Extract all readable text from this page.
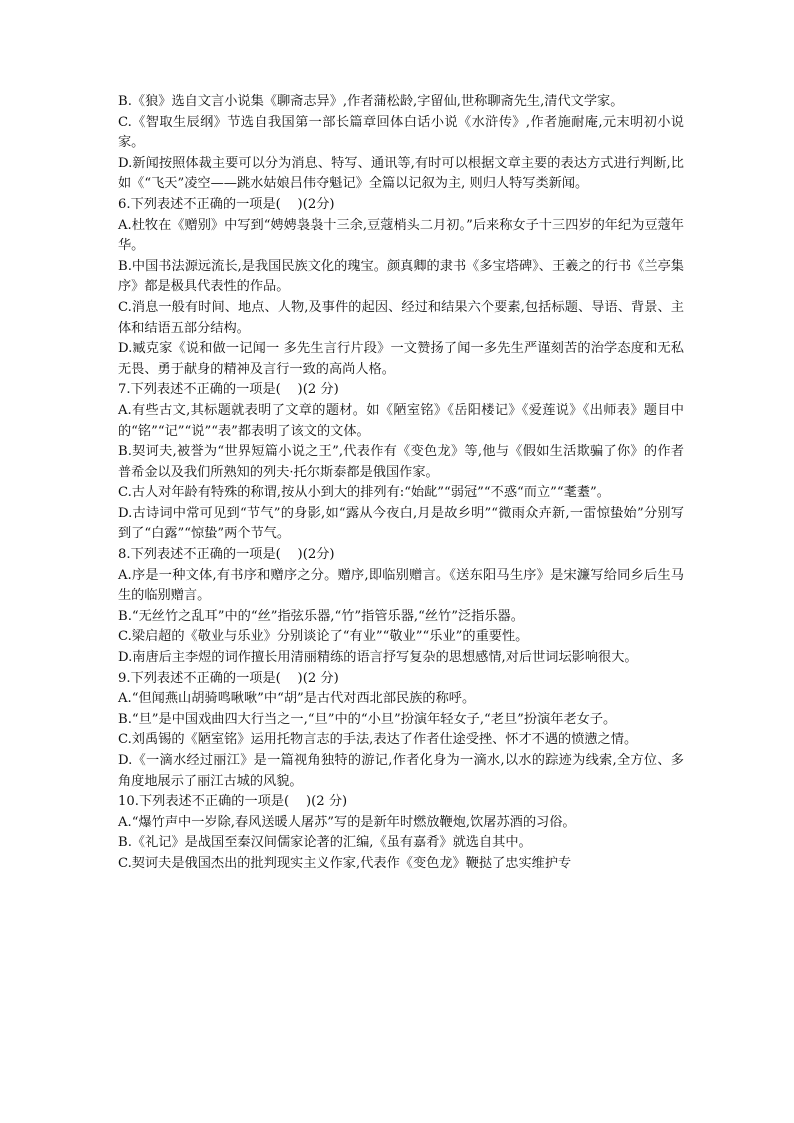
B.《狼》选自文言小说集《聊斋志异》,作者蒲松龄,字留仙,世称聊斋先生,清代文学家。

C.《智取生辰纲》节选自我国第一部长篇章回体白话小说《水浒传》,作者施耐庵,元末明初小说家。

D.新闻按照体裁主要可以分为消息、特写、通讯等,有时可以根据文章主要的表达方式进行判断,比如《“飞天”凌空——跳水姑娘吕伟夺魁记》全篇以记叙为主, 则归人特写类新闻。

6.下列表述不正确的一项是(    )(2分)

A.杜牧在《赠别》中写到“娉娉袅袅十三余,豆蔻梢头二月初。”后来称女子十三四岁的年纪为豆蔻年华。

B.中国书法源远流长,是我国民族文化的瑰宝。颜真卿的隶书《多宝塔碑》、王羲之的行书《兰亭集序》都是极具代表性的作品。

C.消息一般有时间、地点、人物,及事件的起因、经过和结果六个要素,包括标题、导语、背景、主体和结语五部分结构。

D.臧克家《说和做一记闻一 多先生言行片段》一文赞扬了闻一多先生严谨刻苦的治学态度和无私无畏、勇于献身的精神及言行一致的高尚人格。

7.下列表述不正确的一项是(    )(2 分)

A.有些古文,其标题就表明了文章的题材。如《陋室铭》《岳阳楼记》《爱莲说》《出师表》题目中的“铭”“记”“说”“表”都表明了该文的文体。

B.契诃夫,被誉为“世界短篇小说之王”,代表作有《变色龙》等,他与《假如生活欺骗了你》的作者普希金以及我们所熟知的列夫·托尔斯泰都是俄国作家。

C.古人对年龄有特殊的称谓,按从小到大的排列有:“始龀”“弱冠”“不惑“而立”“耄耋”。

D.古诗词中常可见到“节气”的身影,如“露从今夜白,月是故乡明”“微雨众卉新,一雷惊蛰始”分别写到了“白露”“惊蛰”两个节气。

8.下列表述不正确的一项是(    )(2分)

A.序是一种文体,有书序和赠序之分。赠序,即临别赠言。《送东阳马生序》是宋濂写给同乡后生马生的临别赠言。

B.“无丝竹之乱耳”中的“丝”指弦乐器,“竹”指管乐器,“丝竹”泛指乐器。

C.梁启超的《敬业与乐业》分别谈论了“有业”“敬业”“乐业”的重要性。

D.南唐后主李煜的词作擅长用清丽精练的语言抒写复杂的思想感情,对后世词坛影响很大。

9.下列表述不正确的一项是(    )(2 分)

A.“但闻燕山胡骑鸣啾啾”中“胡”是古代对西北部民族的称呼。

B.“旦”是中国戏曲四大行当之一,“旦”中的“小旦”扮演年轻女子,“老旦”扮演年老女子。

C.刘禹锡的《陋室铭》运用托物言志的手法,表达了作者仕途受挫、怀才不遇的愤懑之情。

D.《一滴水经过丽江》是一篇视角独特的游记,作者化身为一滴水,以水的踪迹为线索,全方位、多角度地展示了丽江古城的风貌。

10.下列表述不正确的一项是(    )(2 分)

A.“爆竹声中一岁除,春风送暖人屠苏”写的是新年时燃放鞭炮,饮屠苏酒的习俗。

B.《礼记》是战国至秦汉间儒家论著的汇编,《虽有嘉肴》就选自其中。

C.契诃夫是俄国杰出的批判现实主义作家,代表作《变色龙》鞭挞了忠实维护专
